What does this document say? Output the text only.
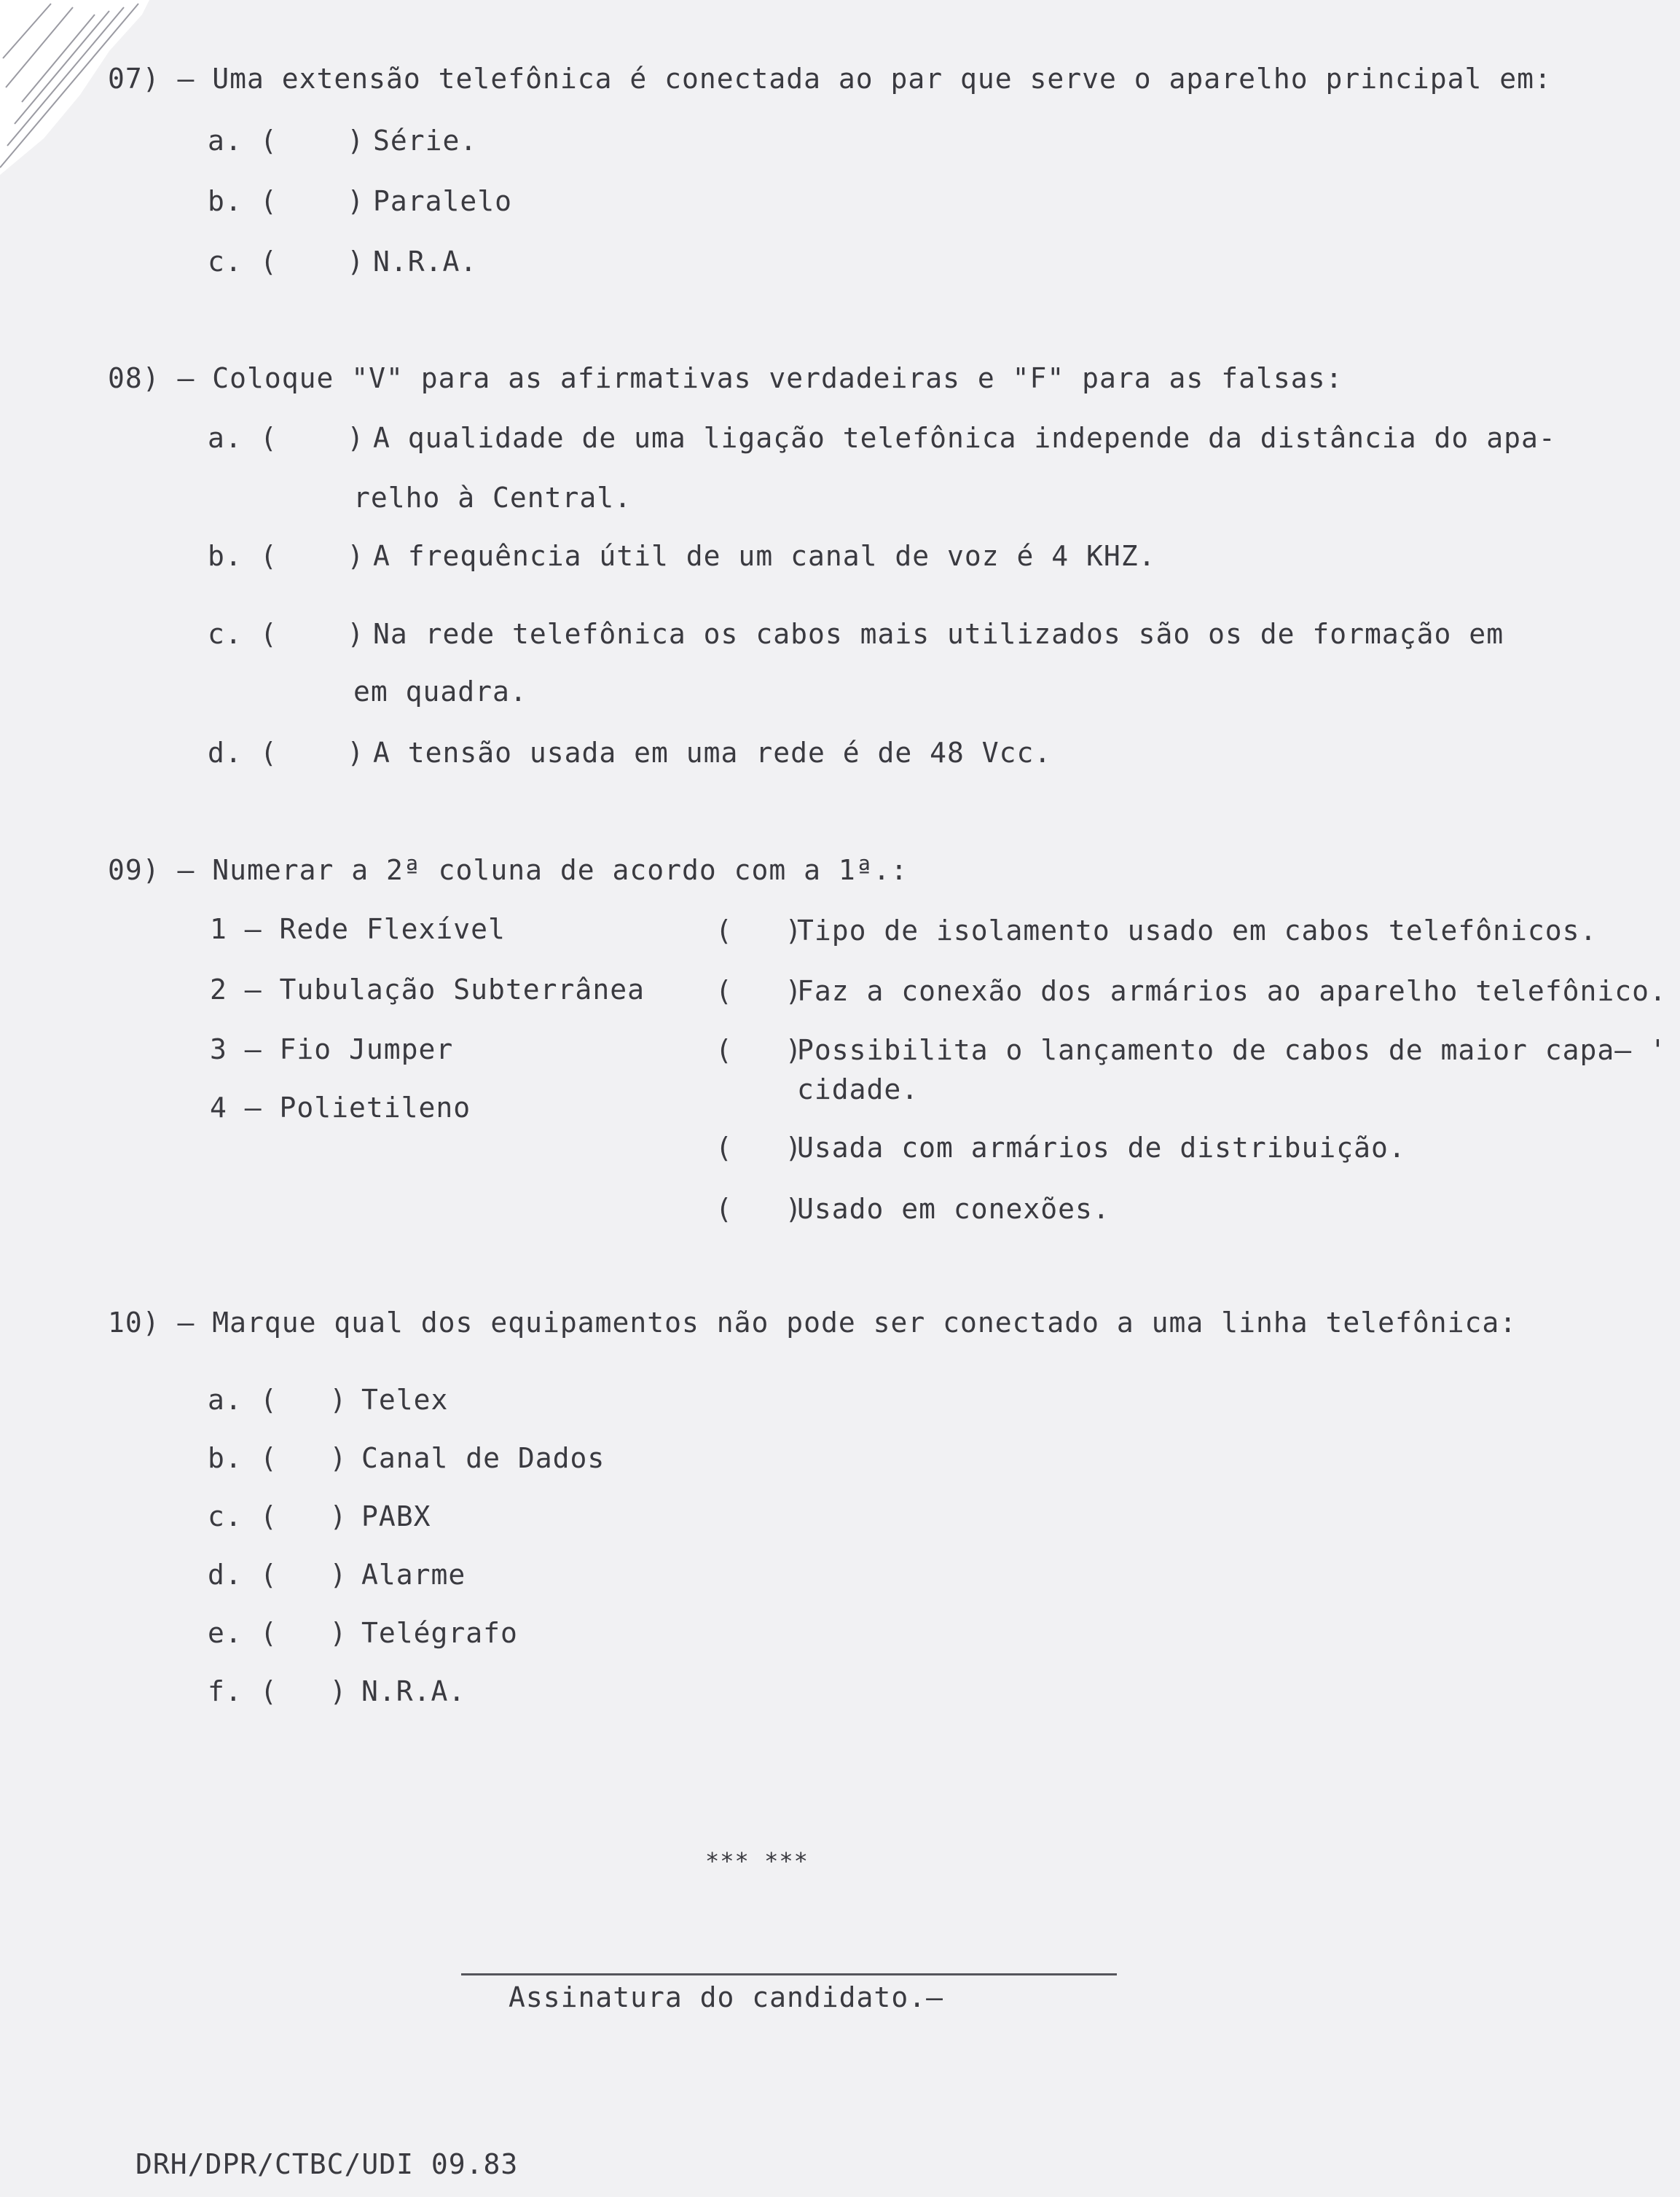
07) – Uma extensão telefônica é conectada ao par que serve o aparelho principal em:
a. (    ) Série.
b. (    ) Paralelo
c. (    ) N.R.A.
08) – Coloque "V" para as afirmativas verdadeiras e "F" para as falsas:
a. (    ) A qualidade de uma ligação telefônica independe da distância do apa-
relho à Central.
b. (    ) A frequência útil de um canal de voz é 4 KHZ.
c. (    ) Na rede telefônica os cabos mais utilizados são os de formação em
em quadra.
d. (    ) A tensão usada em uma rede é de 48 Vcc.
09) – Numerar a 2ª coluna de acordo com a 1ª.:
1 – Rede Flexível
2 – Tubulação Subterrânea
3 – Fio Jumper
4 – Polietileno
(   )
Tipo de isolamento usado em cabos telefônicos.
(   )
Faz a conexão dos armários ao aparelho telefônico.
(   )
Possibilita o lançamento de cabos de maior capa– '
cidade.
(   )
Usada com armários de distribuição.
(   )
Usado em conexões.
10) – Marque qual dos equipamentos não pode ser conectado a uma linha telefônica:
a. (   ) Telex
b. (   ) Canal de Dados
c. (   ) PABX
d. (   ) Alarme
e. (   ) Telégrafo
f. (   ) N.R.A.
*** ***
Assinatura do candidato.–
DRH/DPR/CTBC/UDI 09.83
